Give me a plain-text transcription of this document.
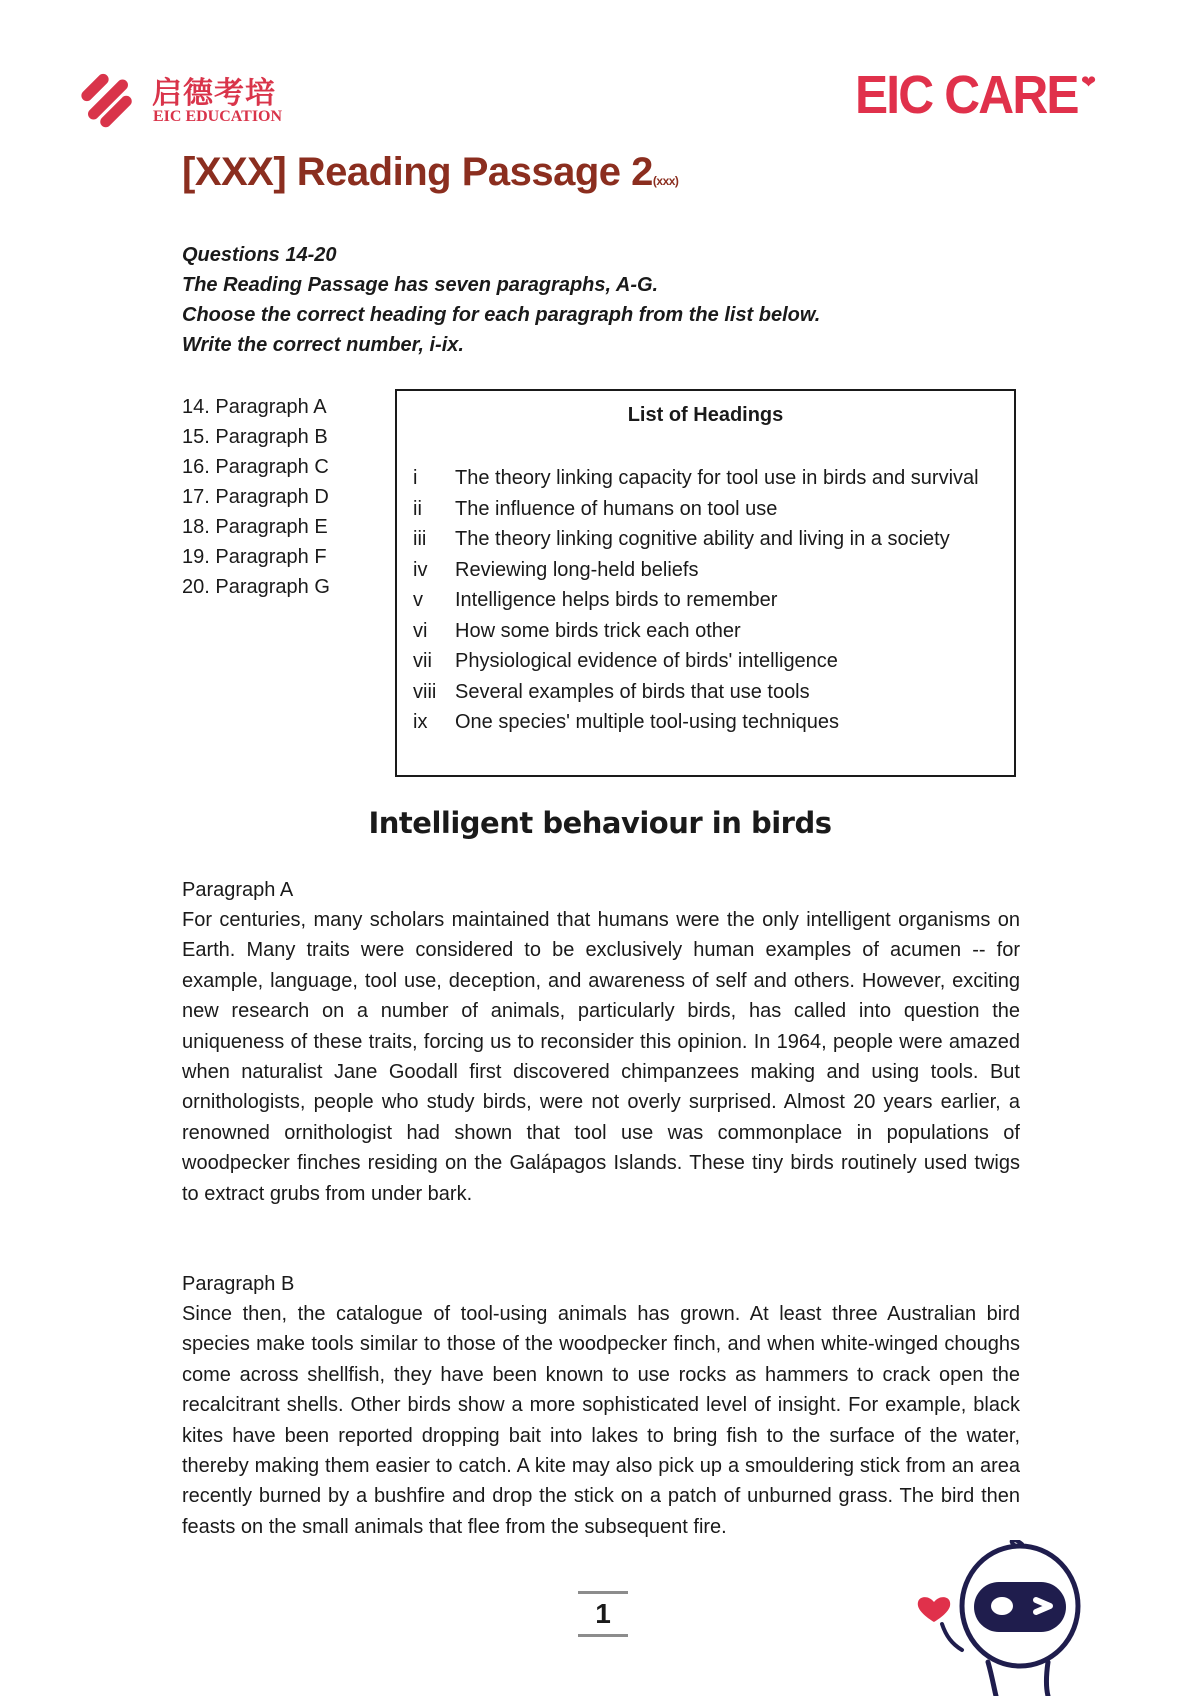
启德考培
EIC EDUCATION	EIC CARE ❤
[XXX] Reading Passage 2(xxx)
Questions 14-20
The Reading Passage has seven paragraphs, A-G.
Choose the correct heading for each paragraph from the list below.
Write the correct number, i-ix.
14. Paragraph A
15. Paragraph B
16. Paragraph C
17. Paragraph D
18. Paragraph E
19. Paragraph F
20. Paragraph G
List of Headings
i	The theory linking capacity for tool use in birds and survival
ii	The influence of humans on tool use
iii	The theory linking cognitive ability and living in a society
iv	Reviewing long-held beliefs
v	Intelligence helps birds to remember
vi	How some birds trick each other
vii	Physiological evidence of birds' intelligence
viii Several examples of birds that use tools
ix	One species' multiple tool-using techniques
Intelligent behaviour in birds
Paragraph A
For centuries, many scholars maintained that humans were the only intelligent organisms on Earth. Many traits were considered to be exclusively human examples of acumen -- for example, language, tool use, deception, and awareness of self and others. However, exciting new research on a number of animals, particularly birds, has called into question the uniqueness of these traits, forcing us to reconsider this opinion. In 1964, people were amazed when naturalist Jane Goodall first discovered chimpanzees making and using tools. But ornithologists, people who study birds, were not overly surprised. Almost 20 years earlier, a renowned ornithologist had shown that tool use was commonplace in populations of woodpecker finches residing on the Galápagos Islands. These tiny birds routinely used twigs to extract grubs from under bark.
Paragraph B
Since then, the catalogue of tool-using animals has grown. At least three Australian bird species make tools similar to those of the woodpecker finch, and when white-winged choughs come across shellfish, they have been known to use rocks as hammers to crack open the recalcitrant shells. Other birds show a more sophisticated level of insight. For example, black kites have been reported dropping bait into lakes to bring fish to the surface of the water, thereby making them easier to catch. A kite may also pick up a smouldering stick from an area recently burned by a bushfire and drop the stick on a patch of unburned grass. The bird then feasts on the small animals that flee from the subsequent fire.
1
